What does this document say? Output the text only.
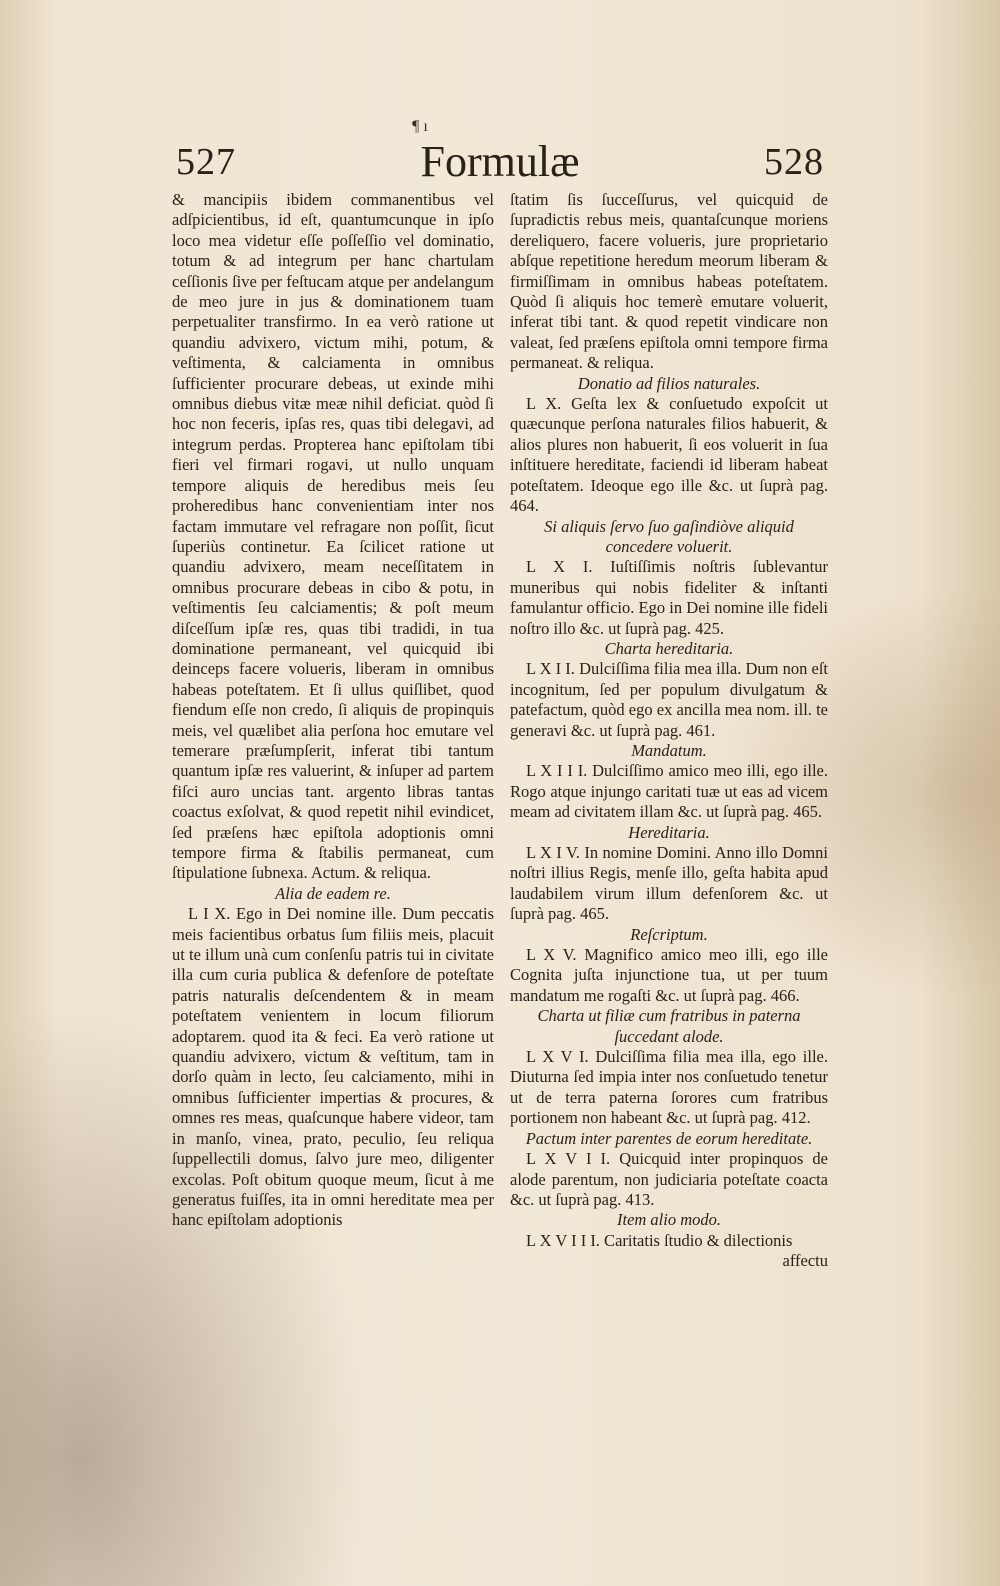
¶ ı
527	Formulæ	528

& mancipiis ibidem commanentibus vel adſpicientibus, id eſt, quantumcunque in ipſo loco mea videtur eſſe poſſeſſio vel dominatio, totum & ad integrum per hanc chartulam ceſſionis ſive per feſtucam atque per andelangum de meo jure in jus & dominationem tuam perpetualiter transfirmo. In ea verò ratione ut quandiu advixero, victum mihi, potum, & veſtimenta, & calciamenta in omnibus ſufficienter procurare debeas, ut exinde mihi omnibus diebus vitæ meæ nihil deficiat. quòd ſi hoc non feceris, ipſas res, quas tibi delegavi, ad integrum perdas. Propterea hanc epiſtolam tibi fieri vel firmari rogavi, ut nullo unquam tempore aliquis de heredibus meis ſeu proheredibus hanc convenientiam inter nos factam immutare vel refragare non poſſit, ſicut ſuperiùs continetur. Ea ſcilicet ratione ut quandiu advixero, meam neceſſitatem in omnibus procurare debeas in cibo & potu, in veſtimentis ſeu calciamentis; & poſt meum diſceſſum ipſæ res, quas tibi tradidi, in tua dominatione permaneant, vel quicquid ibi deinceps facere volueris, liberam in omnibus habeas poteſtatem. Et ſi ullus quiſlibet, quod fiendum eſſe non credo, ſi aliquis de propinquis meis, vel quælibet alia perſona hoc emutare vel temerare præſumpſerit, inferat tibi tantum quantum ipſæ res valuerint, & inſuper ad partem fiſci auro uncias tant. argento libras tantas coactus exſolvat, & quod repetit nihil evindicet, ſed præſens hæc epiſtola adoptionis omni tempore firma & ſtabilis permaneat, cum ſtipulatione ſubnexa. Actum. & reliqua.

Alia de eadem re.

L I X. Ego in Dei nomine ille. Dum peccatis meis facientibus orbatus ſum filiis meis, placuit ut te illum unà cum conſenſu patris tui in civitate illa cum curia publica & defenſore de poteſtate patris naturalis deſcendentem & in meam poteſtatem venientem in locum filiorum adoptarem. quod ita & feci. Ea verò ratione ut quandiu advixero, victum & veſtitum, tam in dorſo quàm in lecto, ſeu calciamento, mihi in omnibus ſufficienter impertias & procures, & omnes res meas, quaſcunque habere videor, tam in manſo, vinea, prato, peculio, ſeu reliqua ſuppellectili domus, ſalvo jure meo, diligenter excolas. Poſt obitum quoque meum, ſicut à me generatus fuiſſes, ita in omni hereditate mea per hanc epiſtolam adoptionis

ſtatim ſis ſucceſſurus, vel quicquid de ſupradictis rebus meis, quantaſcunque moriens dereliquero, facere volueris, jure proprietario abſque repetitione heredum meorum liberam & firmiſſimam in omnibus habeas poteſtatem. Quòd ſi aliquis hoc temerè emutare voluerit, inferat tibi tant. & quod repetit vindicare non valeat, ſed præſens epiſtola omni tempore firma permaneat. & reliqua.

Donatio ad filios naturales.

L X. Geſta lex & conſuetudo expoſcit ut quæcunque perſona naturales filios habuerit, & alios plures non habuerit, ſi eos voluerit in ſua inſtituere hereditate, faciendi id liberam habeat poteſtatem. Ideoque ego ille &c. ut ſuprà pag. 464.

Si aliquis ſervo ſuo gaſindiòve aliquid concedere voluerit.

L X I. Iuſtiſſimis noſtris ſublevantur muneribus qui nobis fideliter & inſtanti famulantur officio. Ego in Dei nomine ille fideli noſtro illo &c. ut ſuprà pag. 425.

Charta hereditaria.

L X I I. Dulciſſima filia mea illa. Dum non eſt incognitum, ſed per populum divulgatum & patefactum, quòd ego ex ancilla mea nom. ill. te generavi &c. ut ſuprà pag. 461.

Mandatum.

L X I I I. Dulciſſimo amico meo illi, ego ille. Rogo atque injungo caritati tuæ ut eas ad vicem meam ad civitatem illam &c. ut ſuprà pag. 465.

Hereditaria.

L X I V. In nomine Domini. Anno illo Domni noſtri illius Regis, menſe illo, geſta habita apud laudabilem virum illum defenſorem &c. ut ſuprà pag. 465.

Reſcriptum.

L X V. Magnifico amico meo illi, ego ille Cognita juſta injunctione tua, ut per tuum mandatum me rogaſti &c. ut ſuprà pag. 466.

Charta ut filiæ cum fratribus in paterna ſuccedant alode.

L X V I. Dulciſſima filia mea illa, ego ille. Diuturna ſed impia inter nos conſuetudo tenetur ut de terra paterna ſorores cum fratribus portionem non habeant &c. ut ſuprà pag. 412.

Pactum inter parentes de eorum hereditate.

L X V I I. Quicquid inter propinquos de alode parentum, non judiciaria poteſtate coacta &c. ut ſuprà pag. 413.

Item alio modo.

L X V I I I. Caritatis ſtudio & dilectionis

affectu
